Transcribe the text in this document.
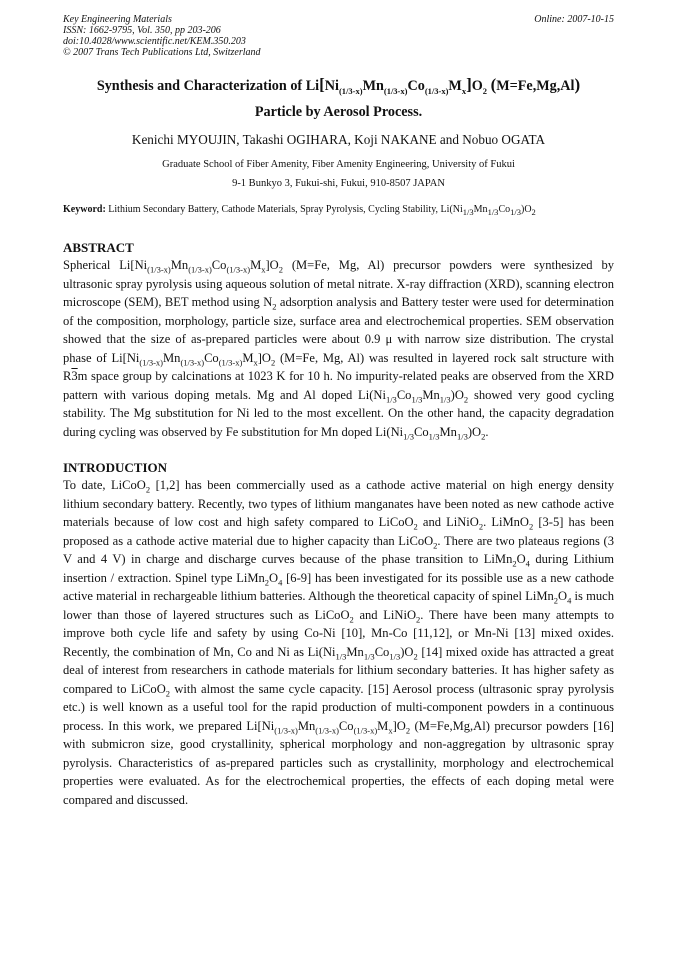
Key Engineering Materials
ISSN: 1662-9795, Vol. 350, pp 203-206
doi:10.4028/www.scientific.net/KEM.350.203
© 2007 Trans Tech Publications Ltd, Switzerland
Online: 2007-10-15
Synthesis and Characterization of $Li[Ni_{(1/3-x)}Mn_{(1/3-x)}Co_{(1/3-x)}M_x]O_2$ (M=Fe,Mg,Al)
Particle by Aerosol Process.
Kenichi MYOUJIN, Takashi OGIHARA, Koji NAKANE and Nobuo OGATA
Graduate School of Fiber Amenity, Fiber Amenity Engineering, University of Fukui
9-1 Bunkyo 3, Fukui-shi, Fukui, 910-8507 JAPAN
Keyword: Lithium Secondary Battery, Cathode Materials, Spray Pyrolysis, Cycling Stability, $Li(Ni_{1/3}Mn_{1/3}Co_{1/3})O_2$
ABSTRACT

Spherical $Li[Ni_{(1/3-x)}Mn_{(1/3-x)}Co_{(1/3-x)}M_x]O_2$ (M=Fe, Mg, Al) precursor powders were synthesized by ultrasonic spray pyrolysis using aqueous solution of metal nitrate. X-ray diffraction (XRD), scanning electron microscope (SEM), BET method using $N_2$ adsorption analysis and Battery tester were used for determination of the composition, morphology, particle size, surface area and electrochemical properties. SEM observation showed that the size of as-prepared particles were about 0.9 μ with narrow size distribution. The crystal phase of $Li[Ni_{(1/3-x)}Mn_{(1/3-x)}Co_{(1/3-x)}M_x]O_2$ (M=Fe, Mg, Al) was resulted in layered rock salt structure with R3m space group by calcinations at 1023 K for 10 h. No impurity-related peaks are observed from the XRD pattern with various doping metals. Mg and Al doped $Li(Ni_{1/3}Co_{1/3}Mn_{1/3})O_2$ showed very good cycling stability. The Mg substitution for Ni led to the most excellent. On the other hand, the capacity degradation during cycling was observed by Fe substitution for Mn doped $Li(Ni_{1/3}Co_{1/3}Mn_{1/3})O_2$.

INTRODUCTION

To date, LiCoO$_2$ [1,2] has been commercially used as a cathode active material on high energy density lithium secondary battery. Recently, two types of lithium manganates have been noted as new cathode active materials because of low cost and high safety compared to LiCoO$_2$ and LiNiO$_2$. LiMnO$_2$ [3-5] has been proposed as a cathode active material due to higher capacity than LiCoO$_2$. There are two plateaus regions (3 V and 4 V) in charge and discharge curves because of the phase transition to $LiMn_2O_4$ during Lithium insertion / extraction. Spinel type $LiMn_2O_4$ [6-9] has been investigated for its possible use as a new cathode active material in rechargeable lithium batteries. Although the theoretical capacity of spinel $LiMn_2O_4$ is much lower than those of layered structures such as LiCoO$_2$ and LiNiO$_2$. There have been many attempts to improve both cycle life and safety by using Co-Ni [10], Mn-Co [11,12], or Mn-Ni [13] mixed oxides. Recently, the combination of Mn, Co and Ni as $Li(Ni_{1/3}Mn_{1/3}Co_{1/3})O_2$ [14] mixed oxide has attracted a great deal of interest from researchers in cathode materials for lithium secondary batteries. It has higher safety as compared to LiCoO$_2$ with almost the same cycle capacity. [15] Aerosol process (ultrasonic spray pyrolysis etc.) is well known as a useful tool for the rapid production of multi-component powders in a continuous process. In this work, we prepared $Li[Ni_{(1/3-x)}Mn_{(1/3-x)}Co_{(1/3-x)}M_x]O_2$ (M=Fe,Mg,Al) precursor powders [16] with submicron size, good crystallinity, spherical morphology and non-aggregation by ultrasonic spray pyrolysis. Characteristics of as-prepared particles such as crystallinity, morphology and electrochemical properties were evaluated. As for the electrochemical properties, the effects of each doping metal were compared and discussed.
